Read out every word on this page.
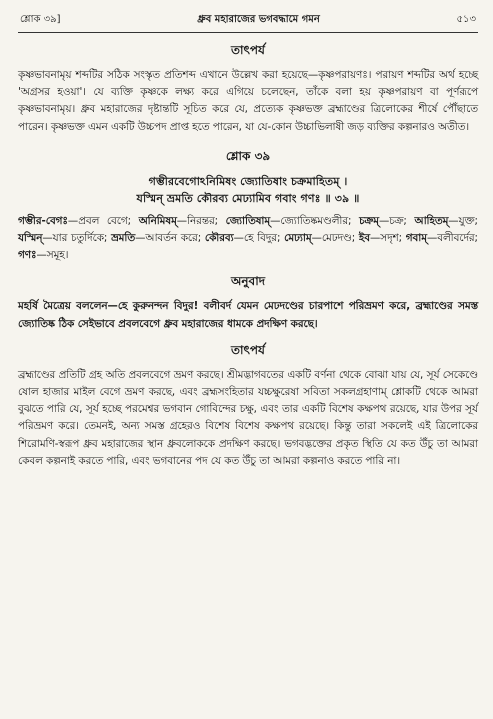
শ্লোক ৩৯]	ধ্রুব মহারাজের ভগবদ্ধামে গমন	৫১৩
তাৎপর্য

কৃষ্ণভাবনামৃয় শব্দটির সঠিক সংস্কৃত প্রতিশব্দ এখানে উল্লেখ করা হয়েছে—কৃষ্ণপরায়ণঃ। পরায়ণ শব্দটির অর্থ হচ্ছে 'অগ্রসর হওয়া'। যে ব্যক্তি কৃষ্ণকে লক্ষ্য করে এগিয়ে চলেছেন, তাঁকে বলা হয় কৃষ্ণপরায়ণ বা পূর্ণরূপে কৃষ্ণভাবনামৃয়। ধ্রুব মহারাজের দৃষ্টান্তটি সূচিত করে যে, প্রত্যেক কৃষ্ণভক্ত ব্রহ্মাণ্ডের ত্রিলোকের শীর্ষে পৌঁছাতে পারেন। কৃষ্ণভক্ত এমন একটি উচ্চপদ প্রাপ্ত হতে পারেন, যা যে-কোন উচ্চাভিলাষী জড় ব্যক্তির কল্পনারও অতীত।

শ্লোক ৩৯
গম্ভীরবেগোঽনিমিষং জ্যোতিষাং চক্রমাহিতম্ ।
যস্মিন্ ভ্রমতি কৌরব্য মেঢ্যামিব গবাং গণঃ ॥ ৩৯ ॥

গম্ভীর-বেগঃ—প্রবল বেগে; অনিমিষম্—নিরন্তর; জ্যোতিষাম্—জ্যোতিষ্কমণ্ডলীর; চক্রম্—চক্র; আহিতম্—যুক্ত; যস্মিন্—যার চতুর্দিকে; ভ্রমতি—আবর্তন করে; কৌরব্য—হে বিদুর; মেঢ্যাম্—মেঢদণ্ড; ইব—সদৃশ; গবাম্—বলীবর্দের; গণঃ—সমূহ।

অনুবাদ

মহর্ষি মৈত্রেয় বললেন—হে কুরুনন্দন বিদুর! বলীবর্দ যেমন মেঢদণ্ডের চারপাশে পরিভ্রমণ করে, ব্রহ্মাণ্ডের সমস্ত জ্যোতিষ্ক ঠিক সেইভাবে প্রবলবেগে ধ্রুব মহারাজের ধামকে প্রদক্ষিণ করছে।

তাৎপর্য

ব্রহ্মাণ্ডের প্রতিটি গ্রহ অতি প্রবলবেগে ভ্রমণ করছে। শ্রীমদ্ভাগবতের একটি বর্ণনা থেকে বোঝা যায় যে, সূর্য সেকেণ্ডে ষোল হাজার মাইল বেগে ভ্রমণ করছে, এবং ব্রহ্মসংহিতার যচ্চক্ষুরেষা সবিতা সকলগ্রহাণাম্ শ্লোকটি থেকে আমরা বুঝতে পারি যে, সূর্য হচ্ছে পরমেশ্বর ভগবান গোবিন্দের চক্ষু, এবং তার একটি বিশেষ কক্ষপথ রয়েছে, যার উপর সূর্য পরিভ্রমণ করে। তেমনই, অন্য সমস্ত গ্রহেরও বিশেষ বিশেষ কক্ষপথ রয়েছে। কিন্তু তারা সকলেই এই ত্রিলোকের শিরোমণি-স্বরূপ ধ্রুব মহারাজের স্থান ধ্রুবলোককে প্রদক্ষিণ করছে। ভগবদ্ভক্তের প্রকৃত স্থিতি যে কত উঁচু তা আমরা কেবল কল্পনাই করতে পারি, এবং ভগবানের পদ যে কত উঁচু তা আমরা কল্পনাও করতে পারি না।
